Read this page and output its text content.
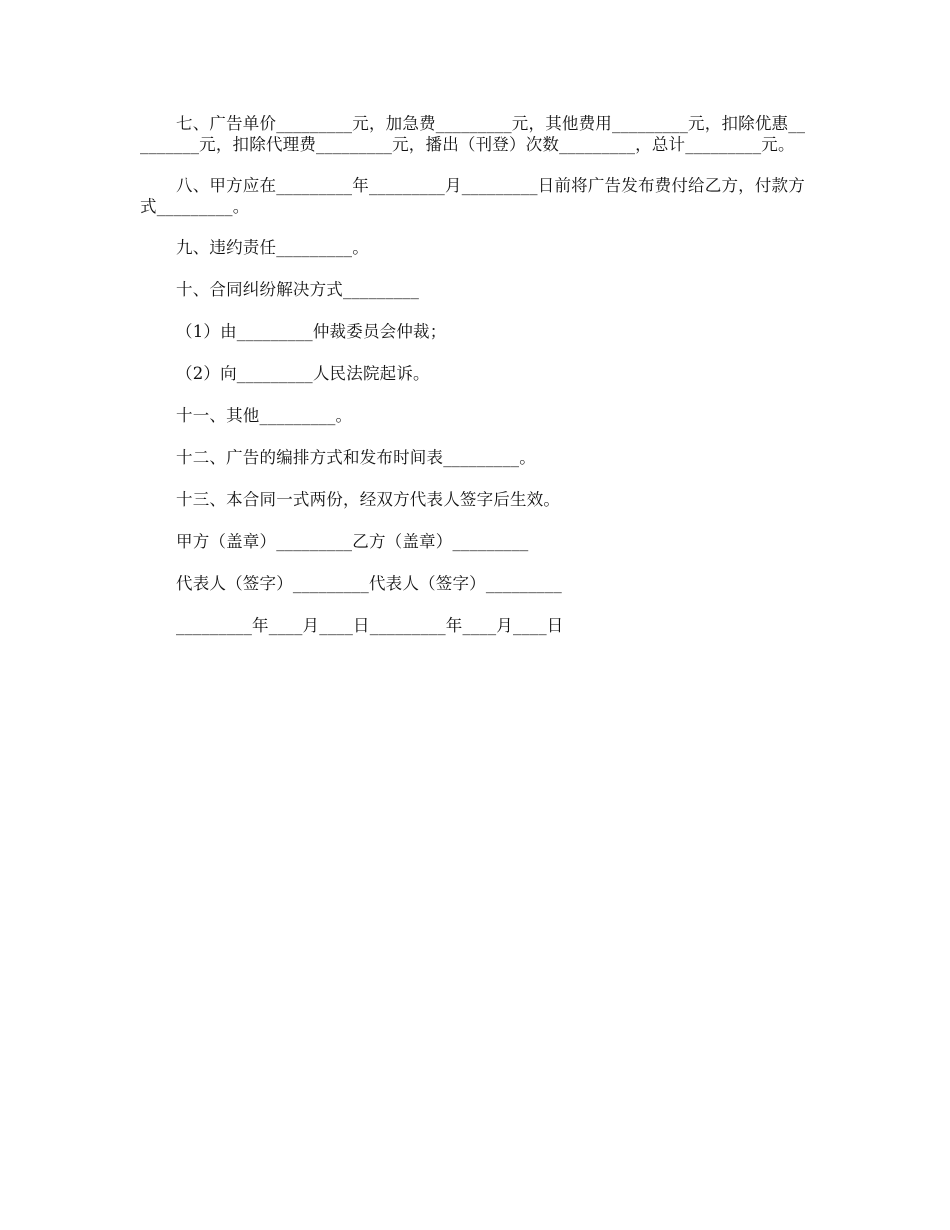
七、广告单价_________元，加急费_________元，其他费用_________元，扣除优惠_________元，扣除代理费_________元，播出（刊登）次数_________，总计_________元。

八、甲方应在_________年_________月_________日前将广告发布费付给乙方，付款方式_________。

九、违约责任_________。

十、合同纠纷解决方式_________

（1）由_________仲裁委员会仲裁；

（2）向_________人民法院起诉。

十一、其他_________。

十二、广告的编排方式和发布时间表_________。

十三、本合同一式两份，经双方代表人签字后生效。

甲方（盖章）_________乙方（盖章）_________

代表人（签字）_________代表人（签字）_________

_________年____月____日_________年____月____日
